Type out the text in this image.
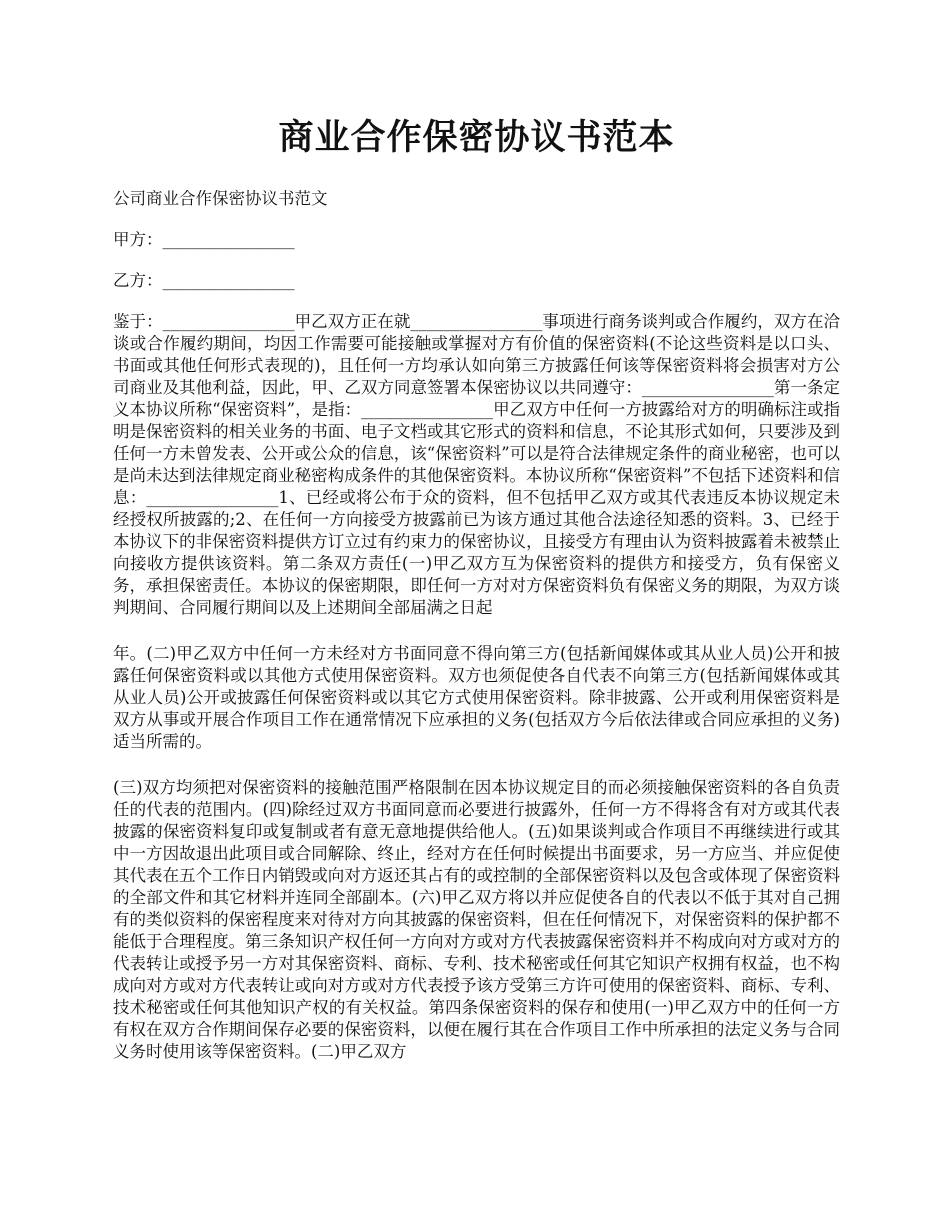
商业合作保密协议书范本

公司商业合作保密协议书范文

甲方：________________

乙方：________________

鉴于：________________甲乙双方正在就________________事项进行商务谈判或合作履约，双方在洽谈或合作履约期间，均因工作需要可能接触或掌握对方有价值的保密资料(不论这些资料是以口头、书面或其他任何形式表现的)，且任何一方均承认如向第三方披露任何该等保密资料将会损害对方公司商业及其他利益，因此，甲、乙双方同意签署本保密协议以共同遵守：________________第一条定义本协议所称“保密资料”，是指：________________甲乙双方中任何一方披露给对方的明确标注或指明是保密资料的相关业务的书面、电子文档或其它形式的资料和信息，不论其形式如何，只要涉及到任何一方未曾发表、公开或公众的信息，该“保密资料”可以是符合法律规定条件的商业秘密，也可以是尚未达到法律规定商业秘密构成条件的其他保密资料。本协议所称“保密资料”不包括下述资料和信息：________________1、已经或将公布于众的资料，但不包括甲乙双方或其代表违反本协议规定未经授权所披露的;2、在任何一方向接受方披露前已为该方通过其他合法途径知悉的资料。3、已经于本协议下的非保密资料提供方订立过有约束力的保密协议，且接受方有理由认为资料披露着未被禁止向接收方提供该资料。第二条双方责任(一)甲乙双方互为保密资料的提供方和接受方，负有保密义务，承担保密责任。本协议的保密期限，即任何一方对对方保密资料负有保密义务的期限，为双方谈判期间、合同履行期间以及上述期间全部届满之日起

年。(二)甲乙双方中任何一方未经对方书面同意不得向第三方(包括新闻媒体或其从业人员)公开和披露任何保密资料或以其他方式使用保密资料。双方也须促使各自代表不向第三方(包括新闻媒体或其从业人员)公开或披露任何保密资料或以其它方式使用保密资料。除非披露、公开或利用保密资料是双方从事或开展合作项目工作在通常情况下应承担的义务(包括双方今后依法律或合同应承担的义务)适当所需的。

(三)双方均须把对保密资料的接触范围严格限制在因本协议规定目的而必须接触保密资料的各自负责任的代表的范围内。(四)除经过双方书面同意而必要进行披露外，任何一方不得将含有对方或其代表披露的保密资料复印或复制或者有意无意地提供给他人。(五)如果谈判或合作项目不再继续进行或其中一方因故退出此项目或合同解除、终止，经对方在任何时候提出书面要求，另一方应当、并应促使其代表在五个工作日内销毁或向对方返还其占有的或控制的全部保密资料以及包含或体现了保密资料的全部文件和其它材料并连同全部副本。(六)甲乙双方将以并应促使各自的代表以不低于其对自己拥有的类似资料的保密程度来对待对方向其披露的保密资料，但在任何情况下，对保密资料的保护都不能低于合理程度。第三条知识产权任何一方向对方或对方代表披露保密资料并不构成向对方或对方的代表转让或授予另一方对其保密资料、商标、专利、技术秘密或任何其它知识产权拥有权益，也不构成向对方或对方代表转让或向对方或对方代表授予该方受第三方许可使用的保密资料、商标、专利、技术秘密或任何其他知识产权的有关权益。第四条保密资料的保存和使用(一)甲乙双方中的任何一方有权在双方合作期间保存必要的保密资料，以便在履行其在合作项目工作中所承担的法定义务与合同义务时使用该等保密资料。(二)甲乙双方
